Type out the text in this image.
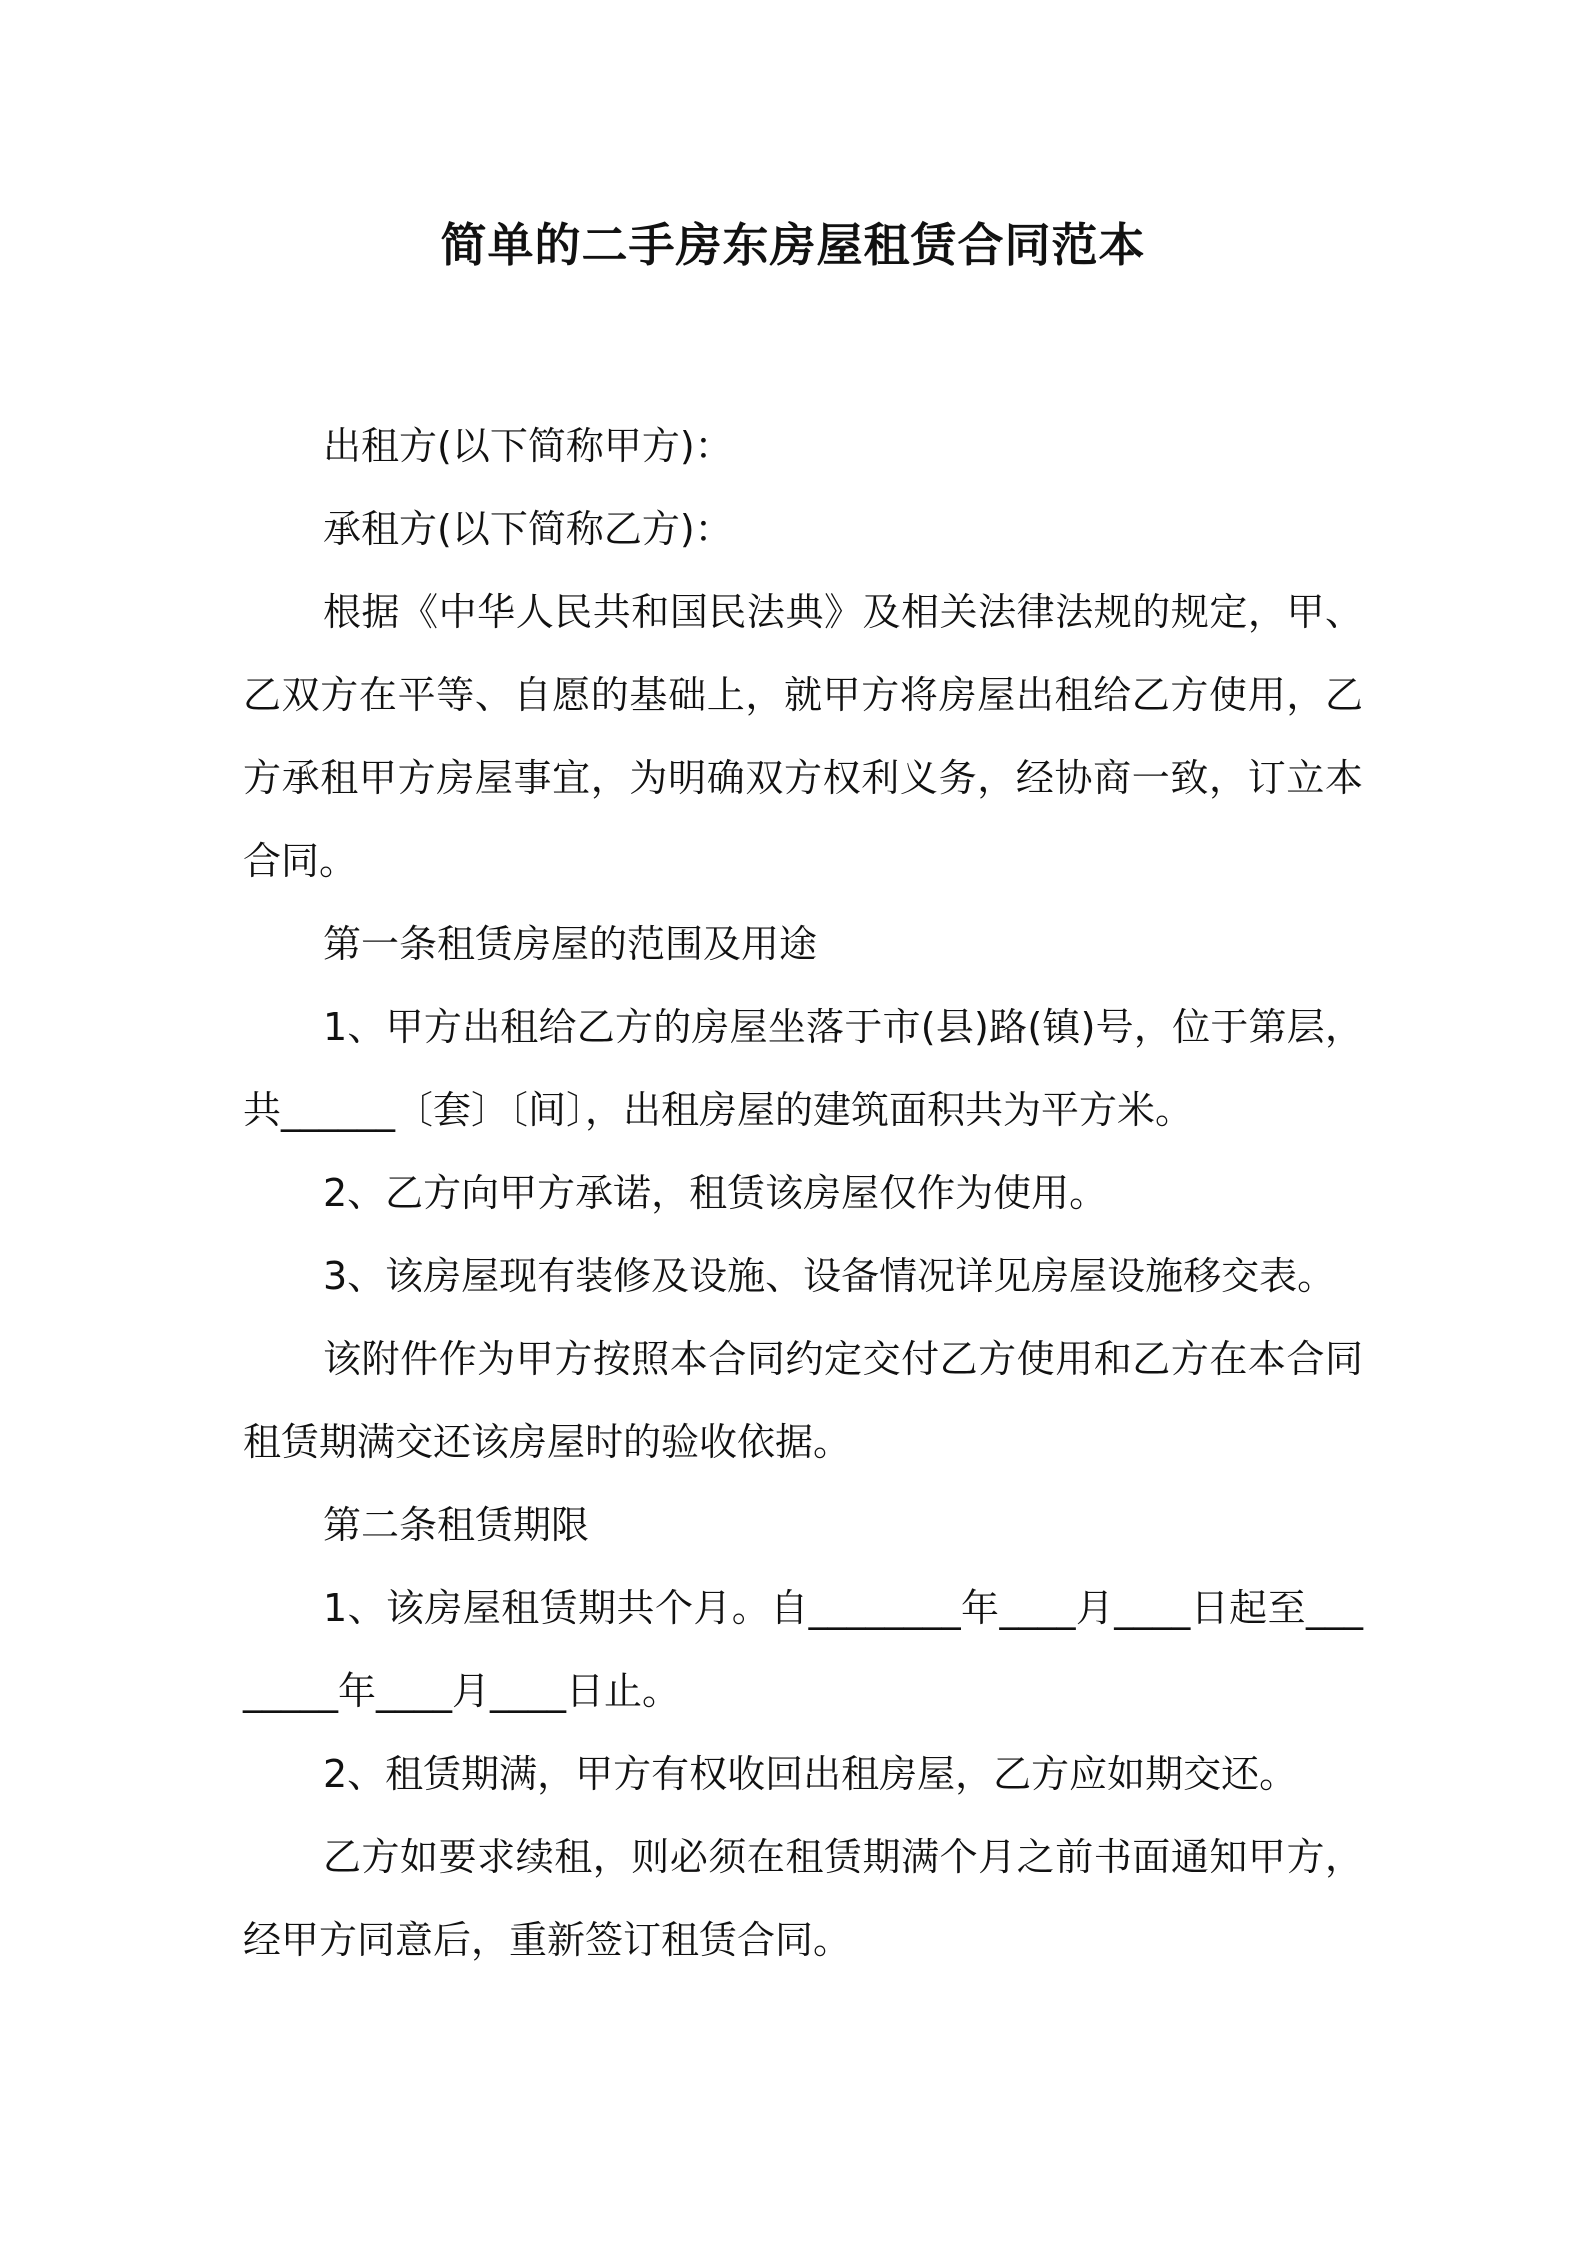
简单的二手房东房屋租赁合同范本

出租方(以下简称甲方)：

承租方(以下简称乙方)：

根据《中华人民共和国民法典》及相关法律法规的规定，甲、乙双方在平等、自愿的基础上，就甲方将房屋出租给乙方使用，乙方承租甲方房屋事宜，为明确双方权利义务，经协商一致，订立本合同。

第一条租赁房屋的范围及用途

1、甲方出租给乙方的房屋坐落于市(县)路(镇)号，位于第层，共______〔套〕〔间〕，出租房屋的建筑面积共为平方米。

2、乙方向甲方承诺，租赁该房屋仅作为使用。

3、该房屋现有装修及设施、设备情况详见房屋设施移交表。

该附件作为甲方按照本合同约定交付乙方使用和乙方在本合同租赁期满交还该房屋时的验收依据。

第二条租赁期限

1、该房屋租赁期共个月。自________年____月____日起至________年____月____日止。

2、租赁期满，甲方有权收回出租房屋，乙方应如期交还。

乙方如要求续租，则必须在租赁期满个月之前书面通知甲方，经甲方同意后，重新签订租赁合同。
